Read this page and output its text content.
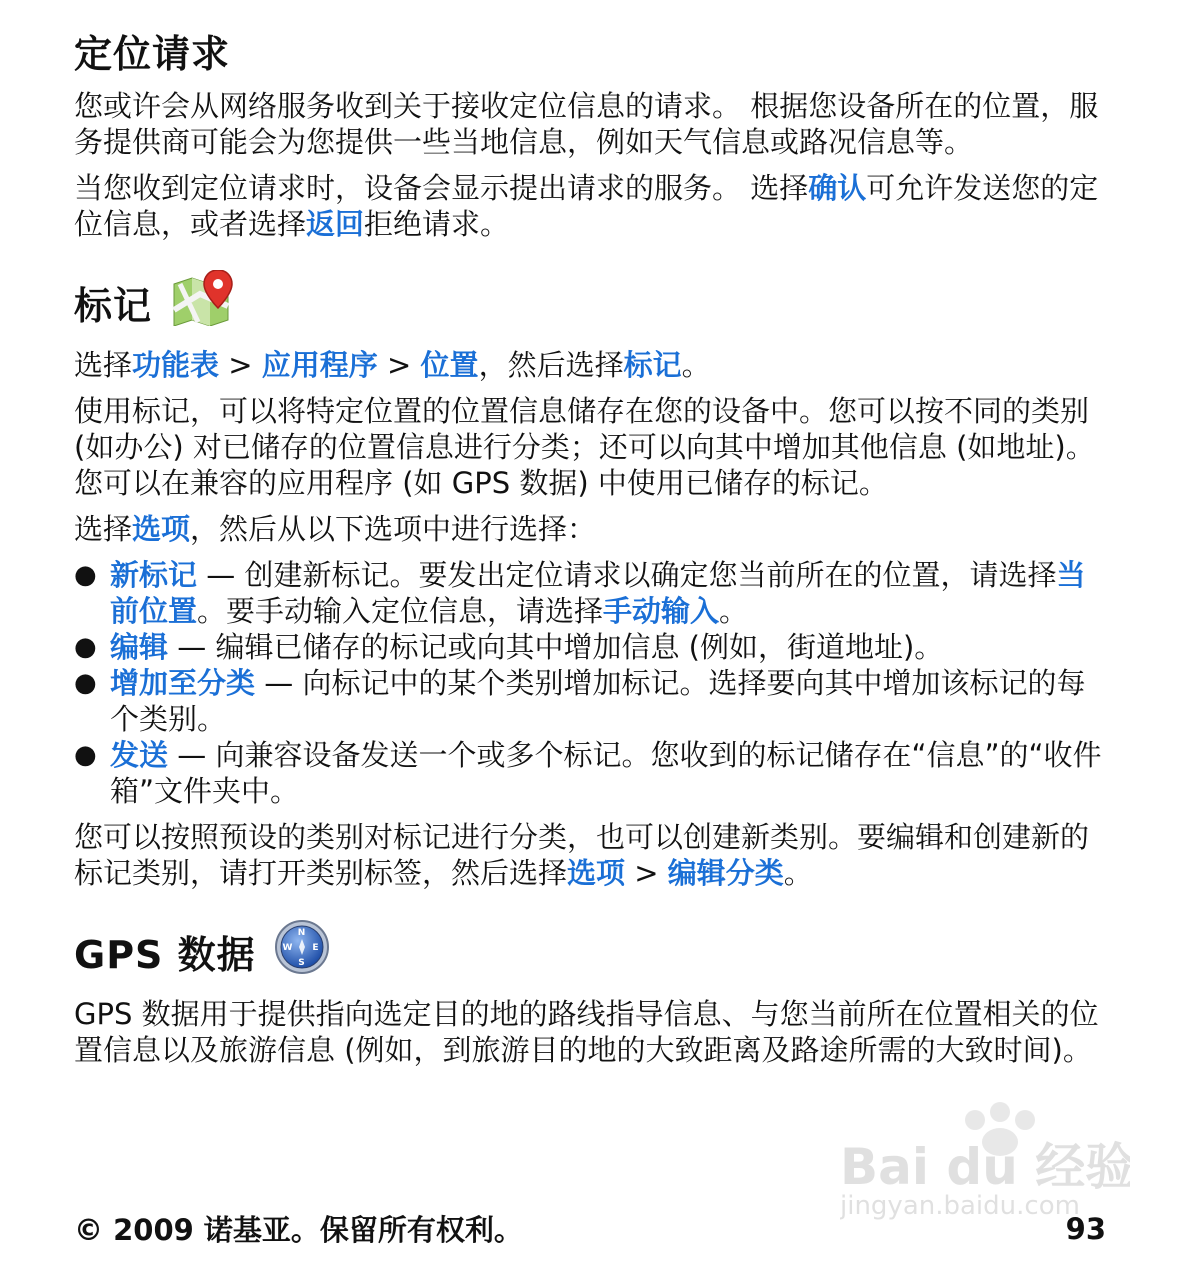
定位请求

您或许会从网络服务收到关于接收定位信息的请求。 根据您设备所在的位置，服务提供商可能会为您提供一些当地信息，例如天气信息或路况信息等。

当您收到定位请求时，设备会显示提出请求的服务。 选择确认可允许发送您的定位信息，或者选择返回拒绝请求。

标记

选择功能表 > 应用程序 > 位置，然后选择标记。

使用标记，可以将特定位置的位置信息储存在您的设备中。您可以按不同的类别 (如办公) 对已储存的位置信息进行分类；还可以向其中增加其他信息 (如地址)。您可以在兼容的应用程序 (如 GPS 数据) 中使用已储存的标记。

选择选项，然后从以下选项中进行选择：

● 新标记 — 创建新标记。要发出定位请求以确定您当前所在的位置，请选择当前位置。要手动输入定位信息，请选择手动输入。
● 编辑 — 编辑已储存的标记或向其中增加信息 (例如，街道地址)。
● 增加至分类 — 向标记中的某个类别增加标记。选择要向其中增加该标记的每个类别。
● 发送 — 向兼容设备发送一个或多个标记。您收到的标记储存在“信息”的“收件箱”文件夹中。

您可以按照预设的类别对标记进行分类，也可以创建新类别。要编辑和创建新的标记类别，请打开类别标签，然后选择选项 > 编辑分类。

GPS 数据	N
S
W E

GPS 数据用于提供指向选定目的地的路线指导信息、与您当前所在位置相关的位置信息以及旅游信息 (例如，到旅游目的地的大致距离及路途所需的大致时间)。

Bai du 经验
jingyan.baidu.com
© 2009 诺基亚。保留所有权利。	93
